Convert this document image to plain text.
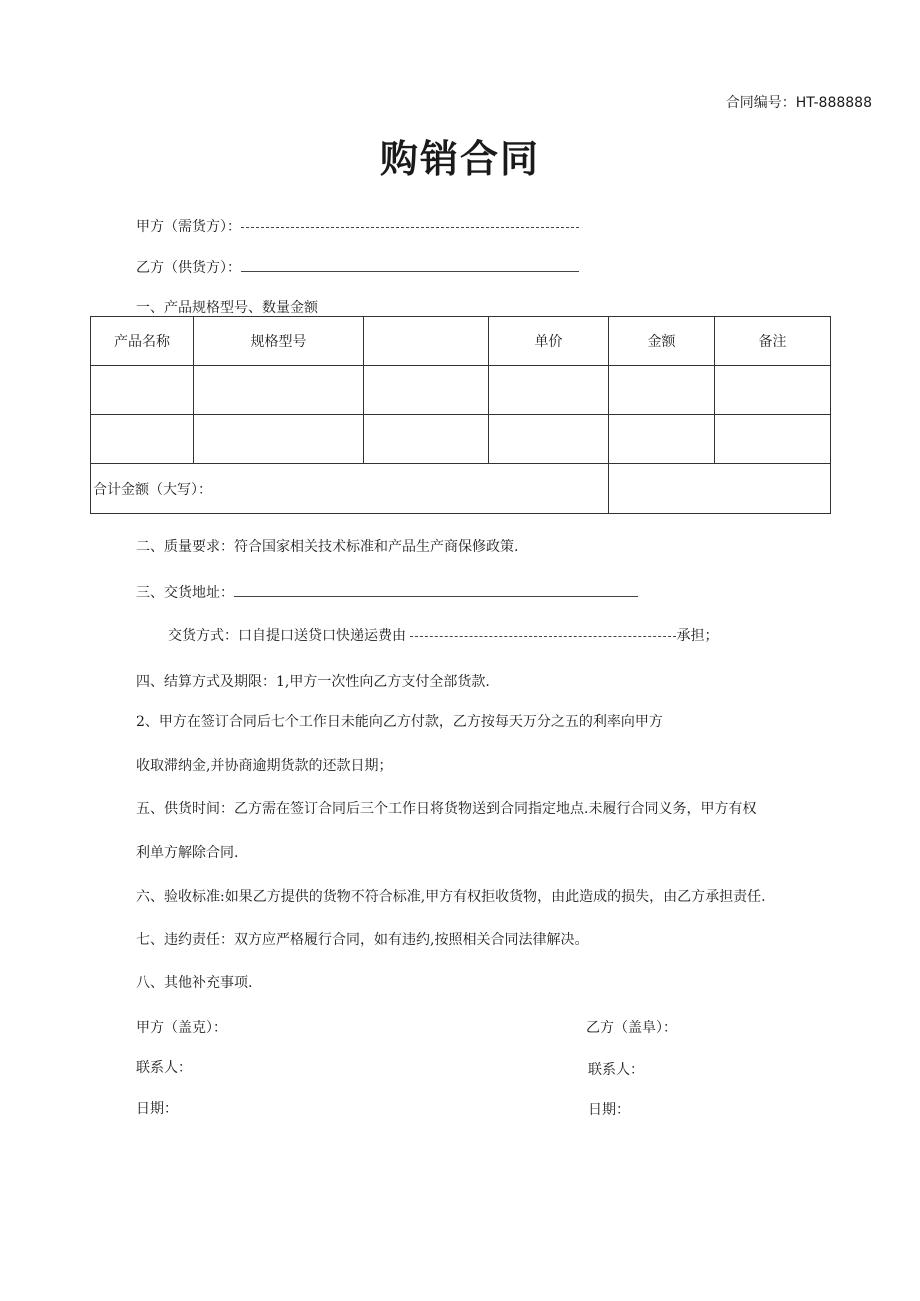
合同编号：HT-888888
购销合同
甲方（需货方）：
乙方（供货方）：
一、产品规格型号、数量金额
产品名称	规格型号		单价	金额	备注

合计金额（大写）：					
二、质量要求：符合国家相关技术标准和产品生产商保修政策.
三、交货地址：
交货方式：口自提口送贷口快递运费由	承担；
四、结算方式及期限：1,甲方一次性向乙方支付全部货款.
2、甲方在签订合同后七个工作日未能向乙方付款，乙方按每天万分之五的利率向甲方
收取滞纳金,并协商逾期货款的还款日期；
五、供货时间：乙方需在签订合同后三个工作日将货物送到合同指定地点.未履行合同义务，甲方有权
利单方解除合同.
六、验收标准:如果乙方提供的货物不符合标准,甲方有权拒收货物，由此造成的损失，由乙方承担责任.
七、违约责任：双方应严格履行合同，如有违约,按照相关合同法律解决。
八、其他补充事项.
甲方（盖克）：	乙方（盖阜）：
联系人：	联系人：
日期：	日期：
